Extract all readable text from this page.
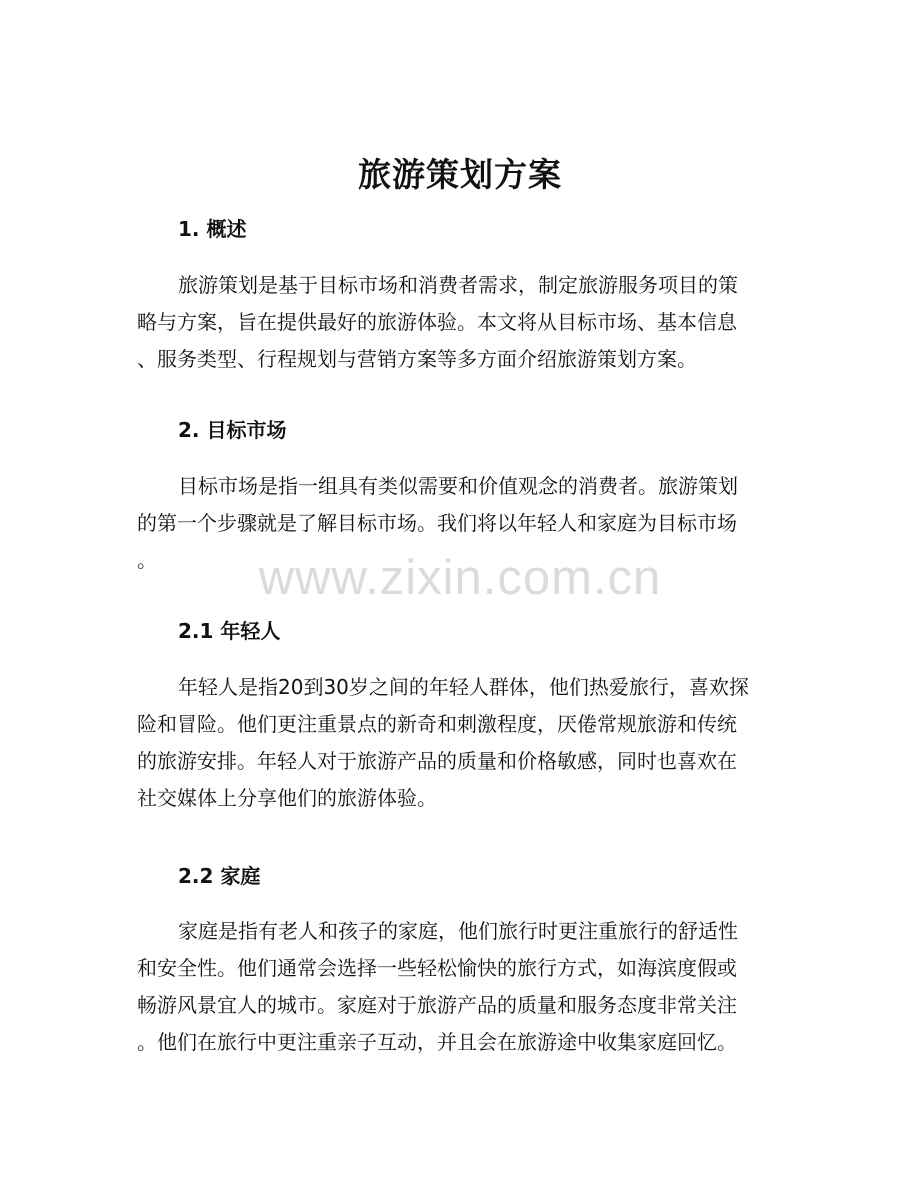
旅游策划方案
1. 概述
旅游策划是基于目标市场和消费者需求，制定旅游服务项目的策
略与方案，旨在提供最好的旅游体验。本文将从目标市场、基本信息
、服务类型、行程规划与营销方案等多方面介绍旅游策划方案。
2. 目标市场
目标市场是指一组具有类似需要和价值观念的消费者。旅游策划
的第一个步骤就是了解目标市场。我们将以年轻人和家庭为目标市场
。
2.1 年轻人
年轻人是指20到30岁之间的年轻人群体，他们热爱旅行，喜欢探
险和冒险。他们更注重景点的新奇和刺激程度，厌倦常规旅游和传统
的旅游安排。年轻人对于旅游产品的质量和价格敏感，同时也喜欢在
社交媒体上分享他们的旅游体验。
2.2 家庭
家庭是指有老人和孩子的家庭，他们旅行时更注重旅行的舒适性
和安全性。他们通常会选择一些轻松愉快的旅行方式，如海滨度假或
畅游风景宜人的城市。家庭对于旅游产品的质量和服务态度非常关注
。他们在旅行中更注重亲子互动，并且会在旅游途中收集家庭回忆。
www.zixin.com.cn
